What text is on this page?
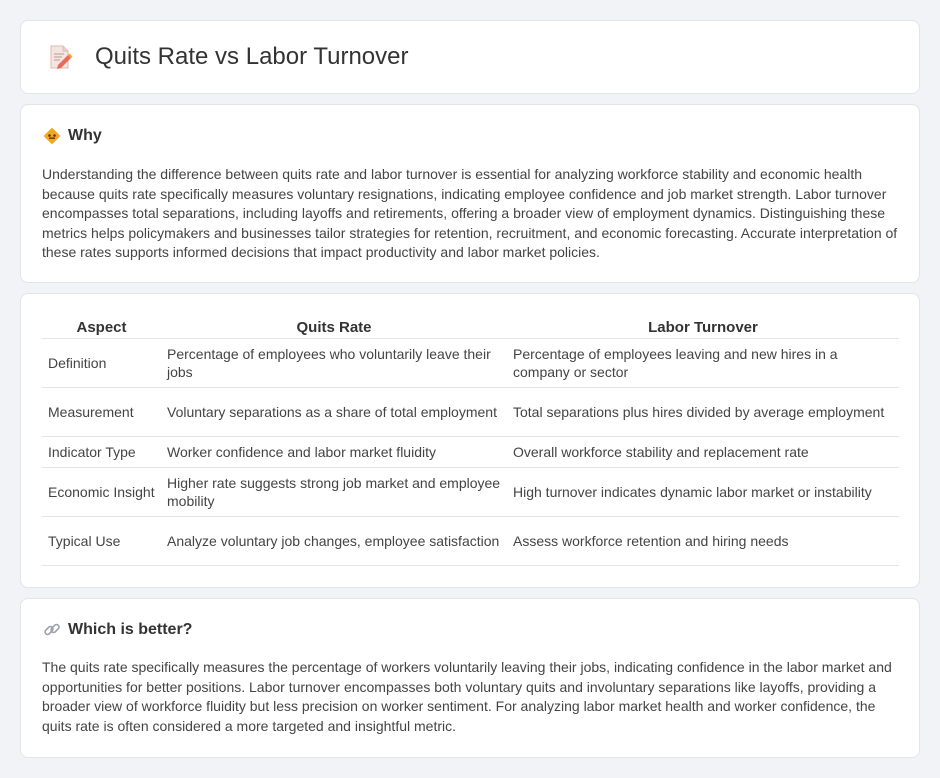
Quits Rate vs Labor Turnover
Why

Understanding the difference between quits rate and labor turnover is essential for analyzing workforce stability and economic health because quits rate specifically measures voluntary resignations, indicating employee confidence and job market strength. Labor turnover encompasses total separations, including layoffs and retirements, offering a broader view of employment dynamics. Distinguishing these metrics helps policymakers and businesses tailor strategies for retention, recruitment, and economic forecasting. Accurate interpretation of these rates supports informed decisions that impact productivity and labor market policies.

Aspect	Quits Rate	Labor Turnover
Definition	Percentage of employees who voluntarily leave their jobs	Percentage of employees leaving and new hires in a company or sector
Measurement	Voluntary separations as a share of total employment	Total separations plus hires divided by average employment
Indicator Type	Worker confidence and labor market fluidity	Overall workforce stability and replacement rate
Economic Insight	Higher rate suggests strong job market and employee mobility	High turnover indicates dynamic labor market or instability
Typical Use	Analyze voluntary job changes, employee satisfaction	Assess workforce retention and hiring needs
Which is better?

The quits rate specifically measures the percentage of workers voluntarily leaving their jobs, indicating confidence in the labor market and opportunities for better positions. Labor turnover encompasses both voluntary quits and involuntary separations like layoffs, providing a broader view of workforce fluidity but less precision on worker sentiment. For analyzing labor market health and worker confidence, the quits rate is often considered a more targeted and insightful metric.
